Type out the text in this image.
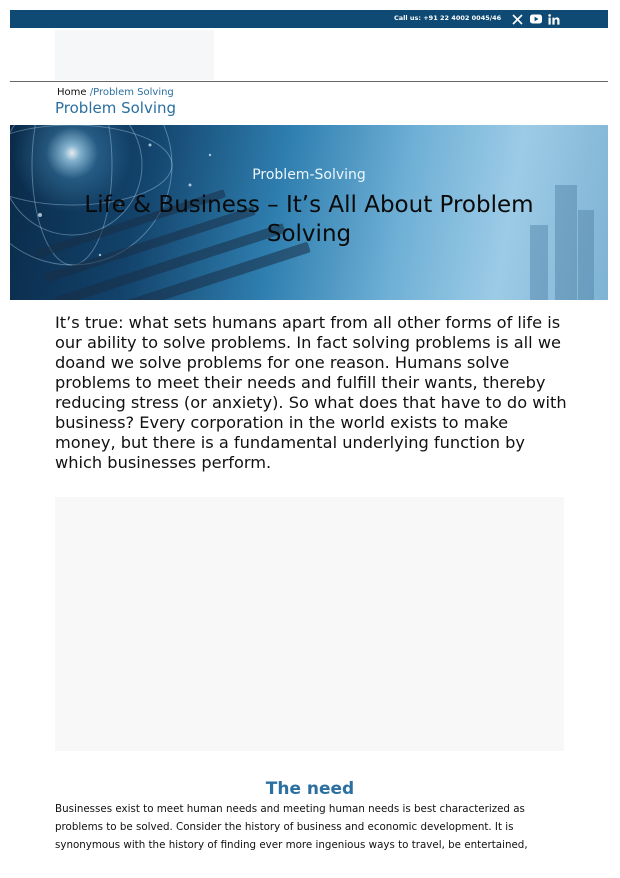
Call us: +91 22 4002 0045/46
Home /Problem Solving
Problem Solving
Problem-Solving
Life & Business – It’s All About Problem Solving

It’s true: what sets humans apart from all other forms of life is our ability to solve problems. In fact solving problems is all we doand we solve problems for one reason. Humans solve problems to meet their needs and fulfill their wants, thereby reducing stress (or anxiety). So what does that have to do with business? Every corporation in the world exists to make money, but there is a fundamental underlying function by which businesses perform.

The need

Businesses exist to meet human needs and meeting human needs is best characterized as problems to be solved. Consider the history of business and economic development. It is synonymous with the history of finding ever more ingenious ways to travel, be entertained,
